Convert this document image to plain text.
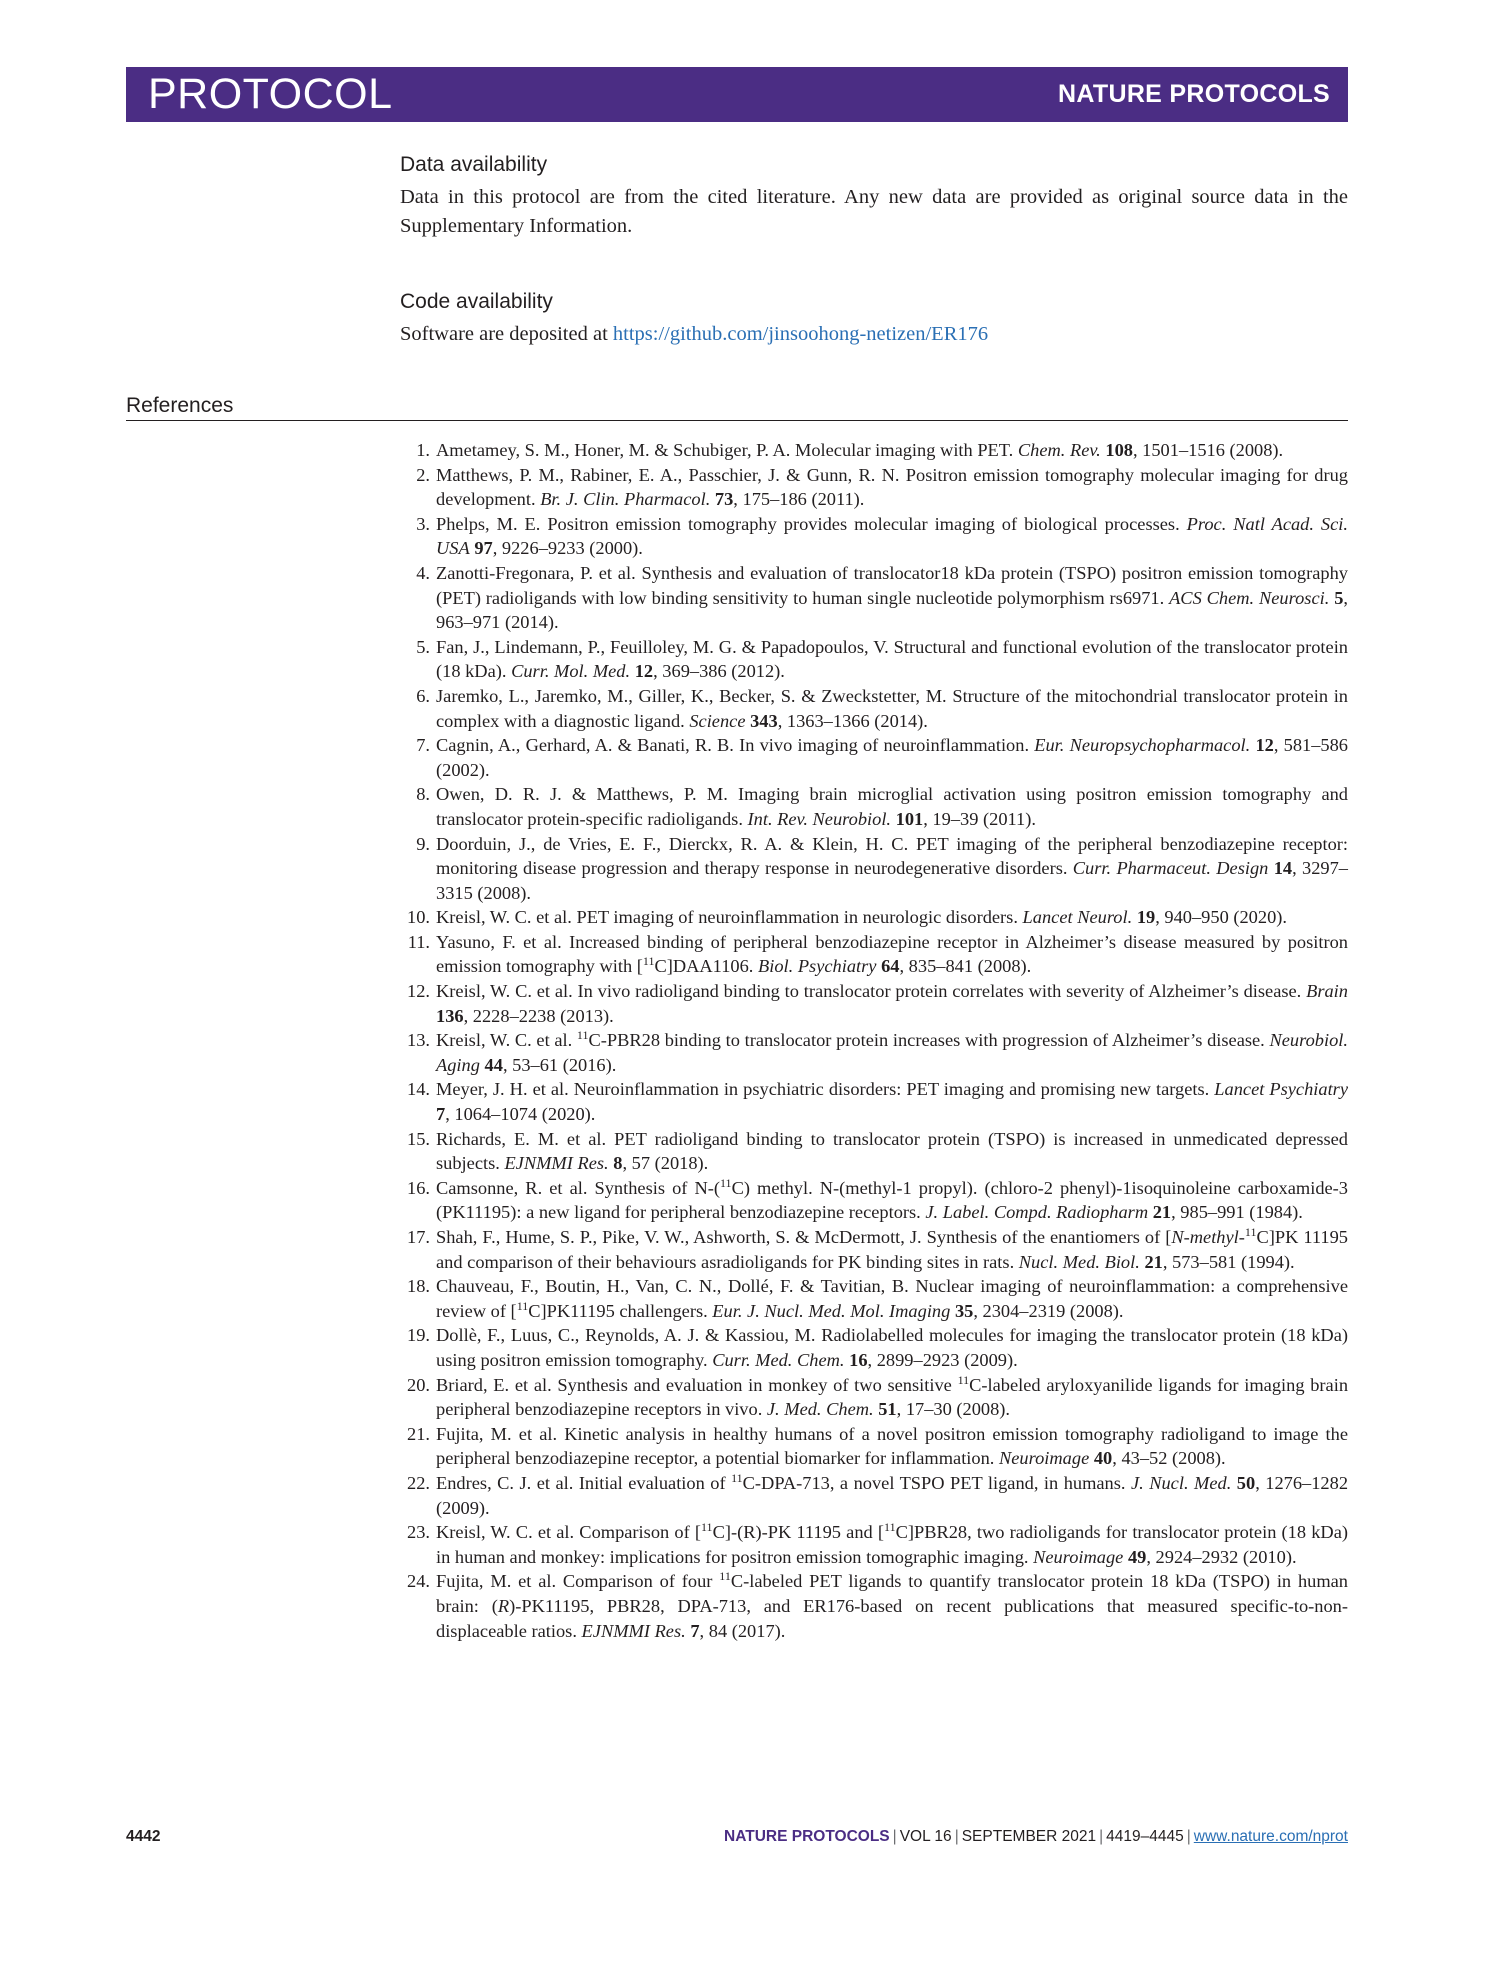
PROTOCOL	NATURE PROTOCOLS
Data availability

Data in this protocol are from the cited literature. Any new data are provided as original source data in the Supplementary Information.

Code availability

Software are deposited at https://github.com/jinsoohong-netizen/ER176

References
1. Ametamey, S. M., Honer, M. & Schubiger, P. A. Molecular imaging with PET. Chem. Rev. 108, 1501–1516 (2008).
2. Matthews, P. M., Rabiner, E. A., Passchier, J. & Gunn, R. N. Positron emission tomography molecular imaging for drug development. Br. J. Clin. Pharmacol. 73, 175–186 (2011).
3. Phelps, M. E. Positron emission tomography provides molecular imaging of biological processes. Proc. Natl Acad. Sci. USA 97, 9226–9233 (2000).
4. Zanotti-Fregonara, P. et al. Synthesis and evaluation of translocator18 kDa protein (TSPO) positron emission tomography (PET) radioligands with low binding sensitivity to human single nucleotide polymorphism rs6971. ACS Chem. Neurosci. 5, 963–971 (2014).
5. Fan, J., Lindemann, P., Feuilloley, M. G. & Papadopoulos, V. Structural and functional evolution of the translocator protein (18 kDa). Curr. Mol. Med. 12, 369–386 (2012).
6. Jaremko, L., Jaremko, M., Giller, K., Becker, S. & Zweckstetter, M. Structure of the mitochondrial translocator protein in complex with a diagnostic ligand. Science 343, 1363–1366 (2014).
7. Cagnin, A., Gerhard, A. & Banati, R. B. In vivo imaging of neuroinflammation. Eur. Neuropsychopharmacol. 12, 581–586 (2002).
8. Owen, D. R. J. & Matthews, P. M. Imaging brain microglial activation using positron emission tomography and translocator protein-specific radioligands. Int. Rev. Neurobiol. 101, 19–39 (2011).
9. Doorduin, J., de Vries, E. F., Dierckx, R. A. & Klein, H. C. PET imaging of the peripheral benzodiazepine receptor: monitoring disease progression and therapy response in neurodegenerative disorders. Curr. Pharmaceut. Design 14, 3297–3315 (2008).
10. Kreisl, W. C. et al. PET imaging of neuroinflammation in neurologic disorders. Lancet Neurol. 19, 940–950 (2020).
11. Yasuno, F. et al. Increased binding of peripheral benzodiazepine receptor in Alzheimer’s disease measured by positron emission tomography with [$^{11}$C]DAA1106. Biol. Psychiatry 64, 835–841 (2008).
12. Kreisl, W. C. et al. In vivo radioligand binding to translocator protein correlates with severity of Alzheimer’s disease. Brain 136, 2228–2238 (2013).
13. Kreisl, W. C. et al. $^{11}$C-PBR28 binding to translocator protein increases with progression of Alzheimer’s disease. Neurobiol. Aging 44, 53–61 (2016).
14. Meyer, J. H. et al. Neuroinflammation in psychiatric disorders: PET imaging and promising new targets. Lancet Psychiatry 7, 1064–1074 (2020).
15. Richards, E. M. et al. PET radioligand binding to translocator protein (TSPO) is increased in unmedicated depressed subjects. EJNMMI Res. 8, 57 (2018).
16. Camsonne, R. et al. Synthesis of N-($^{11}$C) methyl. N-(methyl-1 propyl). (chloro-2 phenyl)-1isoquinoleine carboxamide-3 (PK11195): a new ligand for peripheral benzodiazepine receptors. J. Label. Compd. Radiopharm 21, 985–991 (1984).
17. Shah, F., Hume, S. P., Pike, V. W., Ashworth, S. & McDermott, J. Synthesis of the enantiomers of [N-methyl-$^{11}$C]PK 11195 and comparison of their behaviours asradioligands for PK binding sites in rats. Nucl. Med. Biol. 21, 573–581 (1994).
18. Chauveau, F., Boutin, H., Van, C. N., Dollé, F. & Tavitian, B. Nuclear imaging of neuroinflammation: a comprehensive review of [$^{11}$C]PK11195 challengers. Eur. J. Nucl. Med. Mol. Imaging 35, 2304–2319 (2008).
19. Dollè, F., Luus, C., Reynolds, A. J. & Kassiou, M. Radiolabelled molecules for imaging the translocator protein (18 kDa) using positron emission tomography. Curr. Med. Chem. 16, 2899–2923 (2009).
20. Briard, E. et al. Synthesis and evaluation in monkey of two sensitive $^{11}$C-labeled aryloxyanilide ligands for imaging brain peripheral benzodiazepine receptors in vivo. J. Med. Chem. 51, 17–30 (2008).
21. Fujita, M. et al. Kinetic analysis in healthy humans of a novel positron emission tomography radioligand to image the peripheral benzodiazepine receptor, a potential biomarker for inflammation. Neuroimage 40, 43–52 (2008).
22. Endres, C. J. et al. Initial evaluation of $^{11}$C-DPA-713, a novel TSPO PET ligand, in humans. J. Nucl. Med. 50, 1276–1282 (2009).
23. Kreisl, W. C. et al. Comparison of [$^{11}$C]-(R)-PK 11195 and [$^{11}$C]PBR28, two radioligands for translocator protein (18 kDa) in human and monkey: implications for positron emission tomographic imaging. Neuroimage 49, 2924–2932 (2010).
24. Fujita, M. et al. Comparison of four $^{11}$C-labeled PET ligands to quantify translocator protein 18 kDa (TSPO) in human brain: (R)-PK11195, PBR28, DPA-713, and ER176-based on recent publications that measured specific-to-non-displaceable ratios. EJNMMI Res. 7, 84 (2017).
4442	NATURE PROTOCOLS | VOL 16 | SEPTEMBER 2021 | 4419–4445 | www.nature.com/nprot
